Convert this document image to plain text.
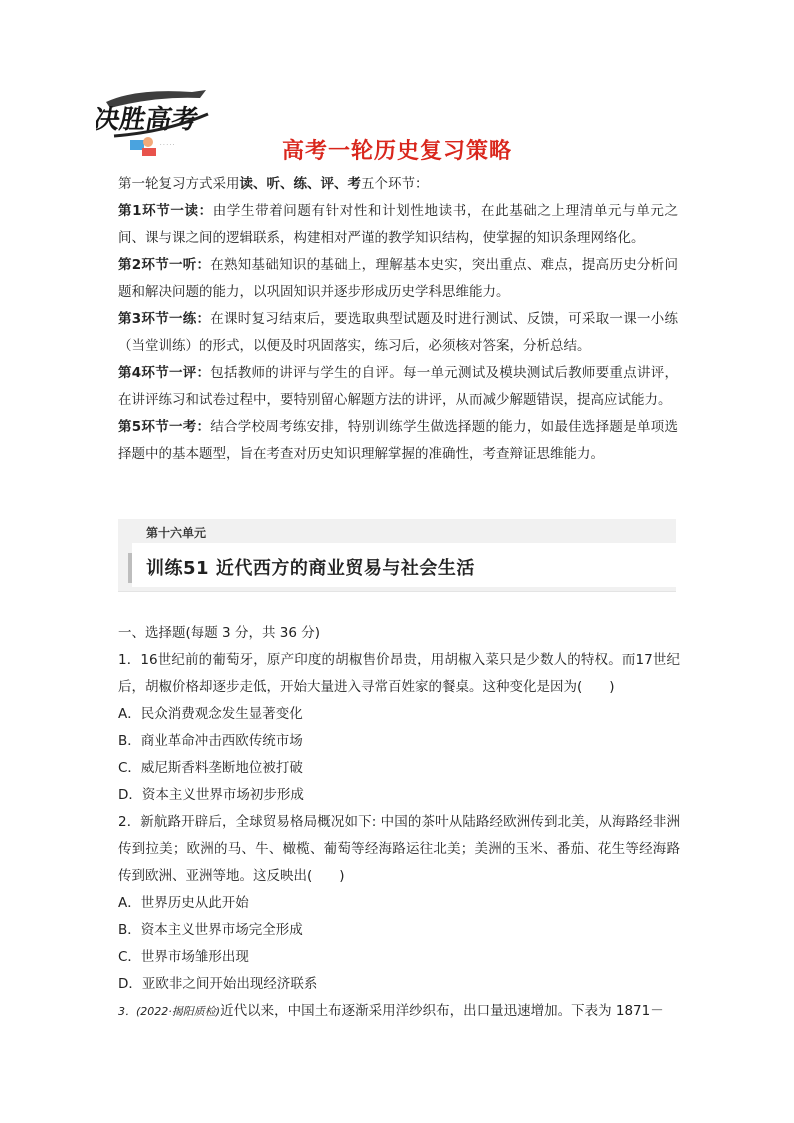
决胜高考
· · · · ·	高考一轮历史复习策略

第一轮复习方式采用读、听、练、评、考五个环节：

第1环节一读：由学生带着问题有针对性和计划性地读书，在此基础之上理清单元与单元之间、课与课之间的逻辑联系，构建相对严谨的教学知识结构，使掌握的知识条理网络化。

第2环节一听：在熟知基础知识的基础上，理解基本史实，突出重点、难点，提高历史分析问题和解决问题的能力，以巩固知识并逐步形成历史学科思维能力。

第3环节一练：在课时复习结束后，要选取典型试题及时进行测试、反馈，可采取一课一小练（当堂训练）的形式，以便及时巩固落实，练习后，必须核对答案，分析总结。

第4环节一评：包括教师的讲评与学生的自评。每一单元测试及模块测试后教师要重点讲评，在讲评练习和试卷过程中，要特别留心解题方法的讲评，从而减少解题错误，提高应试能力。

第5环节一考：结合学校周考练安排，特别训练学生做选择题的能力，如最佳选择题是单项选择题中的基本题型，旨在考查对历史知识理解掌握的准确性，考查辩证思维能力。

第十六单元
训练51 近代西方的商业贸易与社会生活

一、选择题(每题 3 分，共 36 分)

1．16世纪前的葡萄牙，原产印度的胡椒售价昂贵，用胡椒入菜只是少数人的特权。而17世纪后，胡椒价格却逐步走低，开始大量进入寻常百姓家的餐桌。这种变化是因为(　　)

A．民众消费观念发生显著变化

B．商业革命冲击西欧传统市场

C．威尼斯香料垄断地位被打破

D．资本主义世界市场初步形成

2．新航路开辟后，全球贸易格局概况如下: 中国的茶叶从陆路经欧洲传到北美，从海路经非洲传到拉美；欧洲的马、牛、橄榄、葡萄等经海路运往北美；美洲的玉米、番茄、花生等经海路传到欧洲、亚洲等地。这反映出(　　)

A．世界历史从此开始

B．资本主义世界市场完全形成

C．世界市场雏形出现

D．亚欧非之间开始出现经济联系

3．(2022·揭阳质检)近代以来，中国土布逐渐采用洋纱织布，出口量迅速增加。下表为 1871－
